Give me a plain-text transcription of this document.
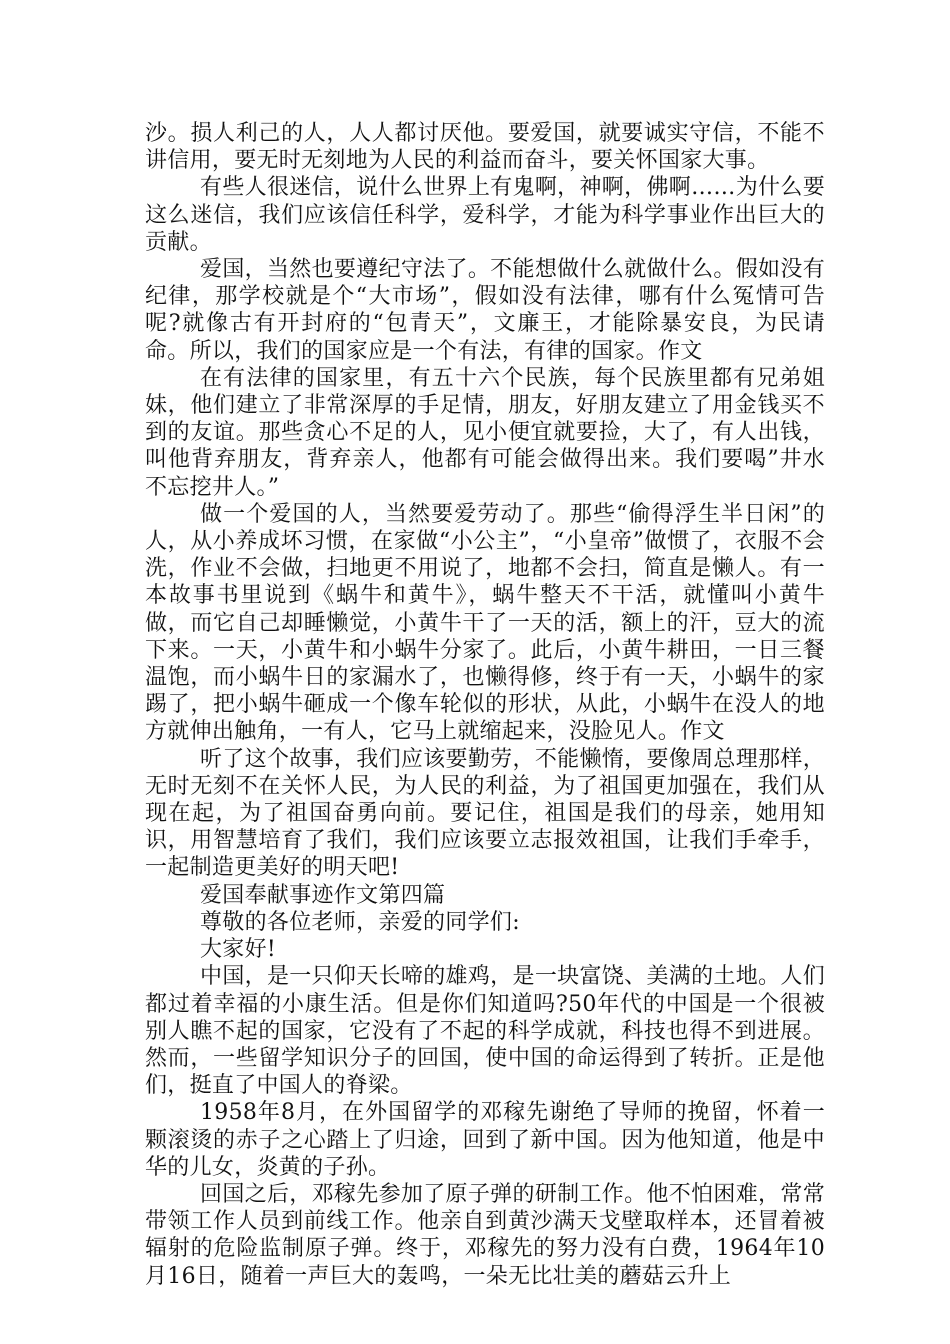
沙。损人利己的人，人人都讨厌他。要爱国，就要诚实守信，不能不讲信用，要无时无刻地为人民的利益而奋斗，要关怀国家大事。

有些人很迷信，说什么世界上有鬼啊，神啊，佛啊……为什么要这么迷信，我们应该信任科学，爱科学，才能为科学事业作出巨大的贡献。

爱国，当然也要遵纪守法了。不能想做什么就做什么。假如没有纪律，那学校就是个“大市场”，假如没有法律，哪有什么冤情可告呢?就像古有开封府的“包青天”，文廉王，才能除暴安良，为民请命。所以，我们的国家应是一个有法，有律的国家。作文

在有法律的国家里，有五十六个民族，每个民族里都有兄弟姐妹，他们建立了非常深厚的手足情，朋友，好朋友建立了用金钱买不到的友谊。那些贪心不足的人，见小便宜就要捡，大了，有人出钱，叫他背弃朋友，背弃亲人，他都有可能会做得出来。我们要喝”井水不忘挖井人。”

做一个爱国的人，当然要爱劳动了。那些“偷得浮生半日闲”的人，从小养成坏习惯，在家做“小公主”，“小皇帝”做惯了，衣服不会洗，作业不会做，扫地更不用说了，地都不会扫，简直是懒人。有一本故事书里说到《蜗牛和黄牛》，蜗牛整天不干活，就懂叫小黄牛做，而它自己却睡懒觉，小黄牛干了一天的活，额上的汗，豆大的流下来。一天，小黄牛和小蜗牛分家了。此后，小黄牛耕田，一日三餐温饱，而小蜗牛日的家漏水了，也懒得修，终于有一天，小蜗牛的家踢了，把小蜗牛砸成一个像车轮似的形状，从此，小蜗牛在没人的地方就伸出触角，一有人，它马上就缩起来，没脸见人。作文

听了这个故事，我们应该要勤劳，不能懒惰，要像周总理那样，无时无刻不在关怀人民，为人民的利益，为了祖国更加强在，我们从现在起，为了祖国奋勇向前。要记住，祖国是我们的母亲，她用知识，用智慧培育了我们，我们应该要立志报效祖国，让我们手牵手，一起制造更美好的明天吧!

爱国奉献事迹作文第四篇

尊敬的各位老师，亲爱的同学们:

大家好!

中国，是一只仰天长啼的雄鸡，是一块富饶、美满的土地。人们都过着幸福的小康生活。但是你们知道吗?50年代的中国是一个很被别人瞧不起的国家，它没有了不起的科学成就，科技也得不到进展。然而，一些留学知识分子的回国，使中国的命运得到了转折。正是他们，挺直了中国人的脊梁。

1958年8月，在外国留学的邓稼先谢绝了导师的挽留，怀着一颗滚烫的赤子之心踏上了归途，回到了新中国。因为他知道，他是中华的儿女，炎黄的子孙。

回国之后，邓稼先参加了原子弹的研制工作。他不怕困难，常常带领工作人员到前线工作。他亲自到黄沙满天戈壁取样本，还冒着被辐射的危险监制原子弹。终于，邓稼先的努力没有白费，1964年10月16日，随着一声巨大的轰鸣，一朵无比壮美的蘑菇云升上
